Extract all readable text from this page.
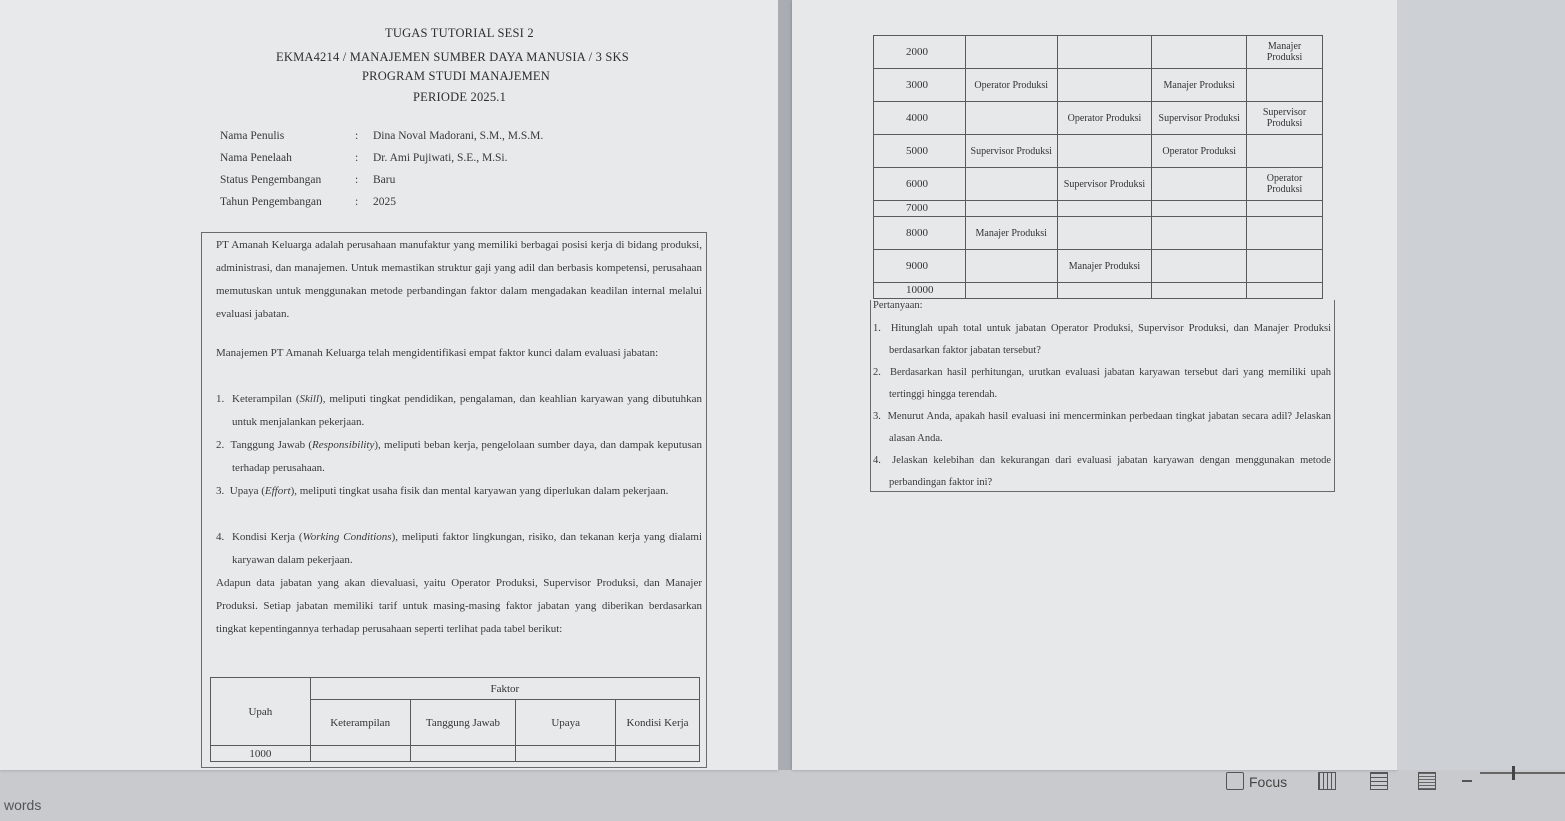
TUGAS TUTORIAL SESI 2
EKMA4214 / MANAJEMEN SUMBER DAYA MANUSIA / 3 SKS
PROGRAM STUDI MANAJEMEN
PERIODE 2025.1
Nama Penulis	: Dina Noval Madorani, S.M., M.S.M.
Nama Penelaah	: Dr. Ami Pujiwati, S.E., M.Si.
Status Pengembangan	: Baru
Tahun Pengembangan	: 2025
PT Amanah Keluarga adalah perusahaan manufaktur yang memiliki berbagai posisi kerja di bidang produksi, administrasi, dan manajemen. Untuk memastikan struktur gaji yang adil dan berbasis kompetensi, perusahaan memutuskan untuk menggunakan metode perbandingan faktor dalam mengadakan keadilan internal melalui evaluasi jabatan.
Manajemen PT Amanah Keluarga telah mengidentifikasi empat faktor kunci dalam evaluasi jabatan:
1. Keterampilan (Skill), meliputi tingkat pendidikan, pengalaman, dan keahlian karyawan yang dibutuhkan untuk menjalankan pekerjaan.
2. Tanggung Jawab (Responsibility), meliputi beban kerja, pengelolaan sumber daya, dan dampak keputusan terhadap perusahaan.
3. Upaya (Effort), meliputi tingkat usaha fisik dan mental karyawan yang diperlukan dalam pekerjaan.
4. Kondisi Kerja (Working Conditions), meliputi faktor lingkungan, risiko, dan tekanan kerja yang dialami karyawan dalam pekerjaan.
Adapun data jabatan yang akan dievaluasi, yaitu Operator Produksi, Supervisor Produksi, dan Manajer Produksi. Setiap jabatan memiliki tarif untuk masing-masing faktor jabatan yang diberikan berdasarkan tingkat kepentingannya terhadap perusahaan seperti terlihat pada tabel berikut:
Upah	Faktor			
	Keterampilan	Tanggung Jawab	Upaya	Kondisi Kerja
1000				
2000				Manajer Produksi
3000	Operator Produksi		Manajer Produksi	
4000		Operator Produksi	Supervisor Produksi	Supervisor Produksi
5000	Supervisor Produksi		Operator Produksi	
6000		Supervisor Produksi		Operator Produksi
7000				
8000	Manajer Produksi			
9000		Manajer Produksi		
10000				
Pertanyaan:
1.  Hitunglah upah total untuk jabatan Operator Produksi, Supervisor Produksi, dan Manajer Produksi berdasarkan faktor jabatan tersebut?
2.  Berdasarkan hasil perhitungan, urutkan evaluasi jabatan karyawan tersebut dari yang memiliki upah tertinggi hingga terendah.
3.  Menurut Anda, apakah hasil evaluasi ini mencerminkan perbedaan tingkat jabatan secara adil? Jelaskan alasan Anda.
4.  Jelaskan kelebihan dan kekurangan dari evaluasi jabatan karyawan dengan menggunakan metode perbandingan faktor ini?
words
Focus
